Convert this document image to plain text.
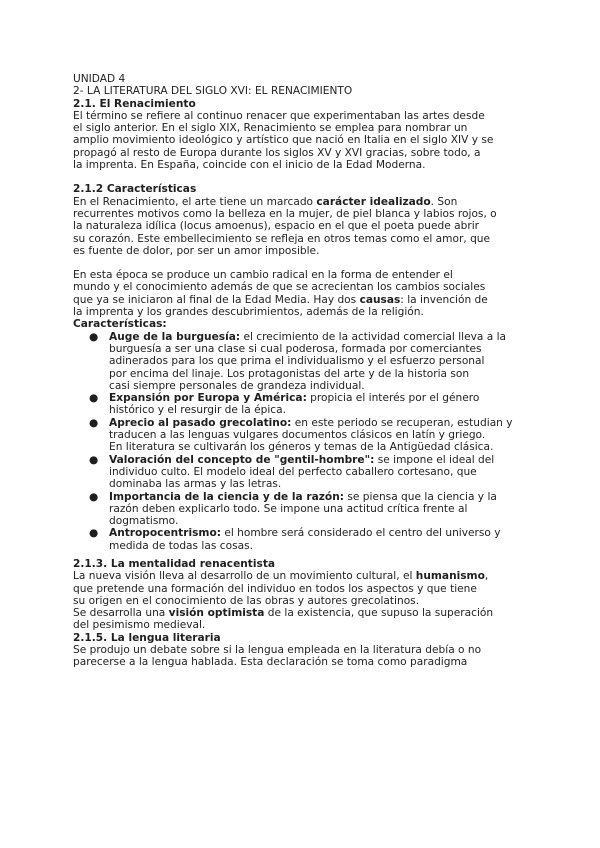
UNIDAD 4
2- LA LITERATURA DEL SIGLO XVI: EL RENACIMIENTO
2.1. El Renacimiento
El término se refiere al continuo renacer que experimentaban las artes desde
el siglo anterior. En el siglo XIX, Renacimiento se emplea para nombrar un
amplio movimiento ideológico y artístico que nació en Italia en el siglo XIV y se
propagó al resto de Europa durante los siglos XV y XVI gracias, sobre todo, a
la imprenta. En España, coincide con el inicio de la Edad Moderna.
2.1.2 Características
En el Renacimiento, el arte tiene un marcado carácter idealizado. Son
recurrentes motivos como la belleza en la mujer, de piel blanca y labios rojos, o
la naturaleza idílica (locus amoenus), espacio en el que el poeta puede abrir
su corazón. Este embellecimiento se refleja en otros temas como el amor, que
es fuente de dolor, por ser un amor imposible.
En esta época se produce un cambio radical en la forma de entender el
mundo y el conocimiento además de que se acrecientan los cambios sociales
que ya se iniciaron al final de la Edad Media. Hay dos causas: la invención de
la imprenta y los grandes descubrimientos, además de la religión.
Características:
● Auge de la burguesía: el crecimiento de la actividad comercial lleva a la
burguesía a ser una clase si cual poderosa, formada por comerciantes
adinerados para los que prima el individualismo y el esfuerzo personal
por encima del linaje. Los protagonistas del arte y de la historia son
casi siempre personales de grandeza individual.
● Expansión por Europa y América: propicia el interés por el género
histórico y el resurgir de la épica.
● Aprecio al pasado grecolatino: en este periodo se recuperan, estudian y
traducen a las lenguas vulgares documentos clásicos en latín y griego.
En literatura se cultivarán los géneros y temas de la Antigüedad clásica.
● Valoración del concepto de "gentil-hombre": se impone el ideal del
individuo culto. El modelo ideal del perfecto caballero cortesano, que
dominaba las armas y las letras.
● Importancia de la ciencia y de la razón: se piensa que la ciencia y la
razón deben explicarlo todo. Se impone una actitud crítica frente al
dogmatismo.
● Antropocentrismo: el hombre será considerado el centro del universo y
medida de todas las cosas.
2.1.3. La mentalidad renacentista
La nueva visión lleva al desarrollo de un movimiento cultural, el humanismo,
que pretende una formación del individuo en todos los aspectos y que tiene
su origen en el conocimiento de las obras y autores grecolatinos.
Se desarrolla una visión optimista de la existencia, que supuso la superación
del pesimismo medieval.
2.1.5. La lengua literaria
Se produjo un debate sobre si la lengua empleada en la literatura debía o no
parecerse a la lengua hablada. Esta declaración se toma como paradigma
